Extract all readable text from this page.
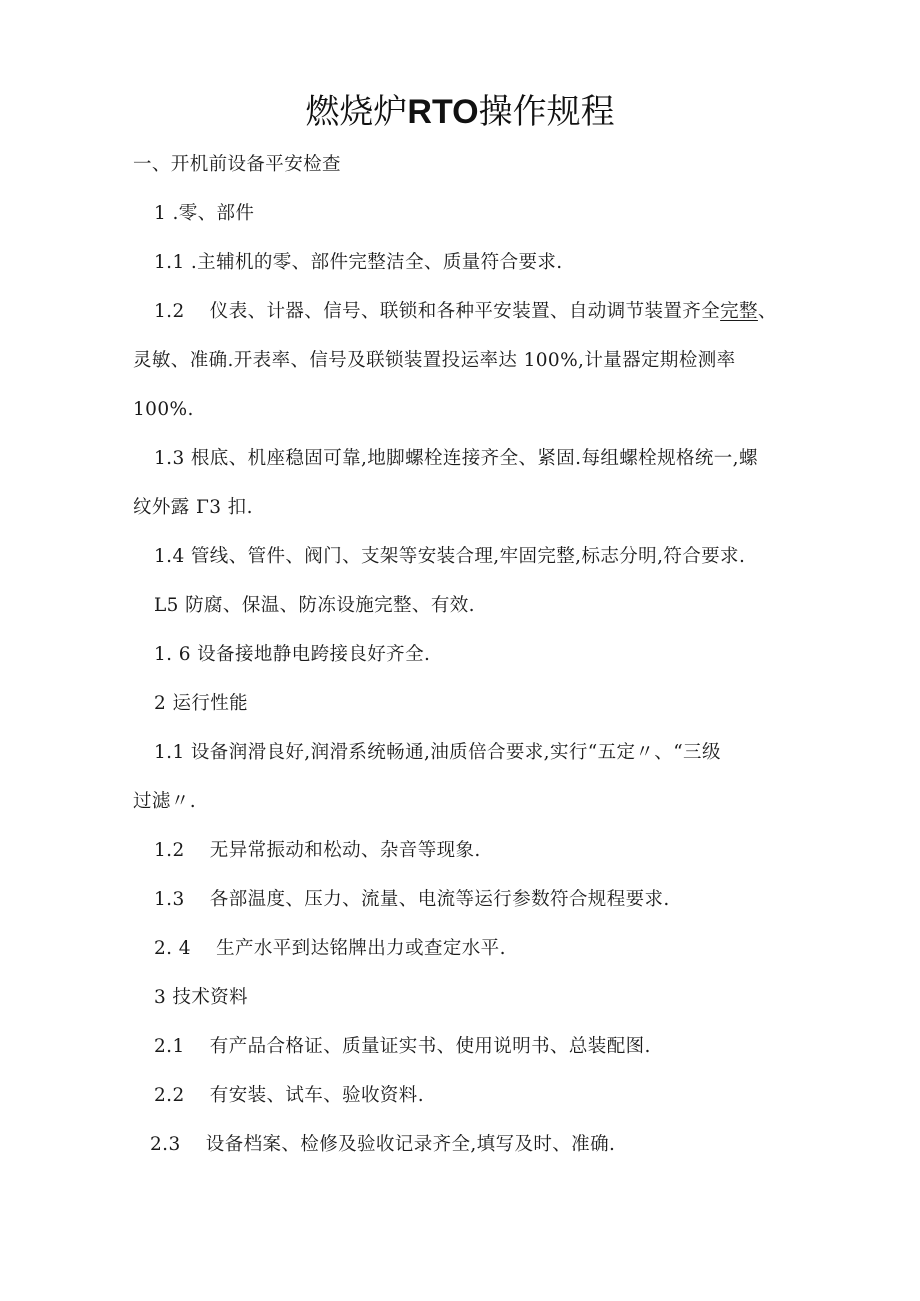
燃烧炉RTO操作规程
一、开机前设备平安检查
1 .零、部件
1.1 .主辅机的零、部件完整洁全、质量符合要求.
1.2 　仪表、计器、信号、联锁和各种平安装置、自动调节装置齐全完整、
灵敏、准确.开表率、信号及联锁装置投运率达 100%,计量器定期检测率
100%.
1.3 根底、机座稳固可靠,地脚螺栓连接齐全、紧固.每组螺栓规格统一,螺
纹外露 Γ3 扣.
1.4 管线、管件、阀门、支架等安装合理,牢固完整,标志分明,符合要求.
L5 防腐、保温、防冻设施完整、有效.
1. 6 设备接地静电跨接良好齐全.
2 运行性能
1.1 设备润滑良好,润滑系统畅通,油质倍合要求,实行“五定〃、“三级
过滤〃.
1.2 　无异常振动和松动、杂音等现象.
1.3 　各部温度、压力、流量、电流等运行参数符合规程要求.
2. 4 　生产水平到达铭牌出力或查定水平.
3 技术资料
2.1 　有产品合格证、质量证实书、使用说明书、总装配图.
2.2 　有安装、试车、验收资料.
2.3 　设备档案、检修及验收记录齐全,填写及时、准确.
